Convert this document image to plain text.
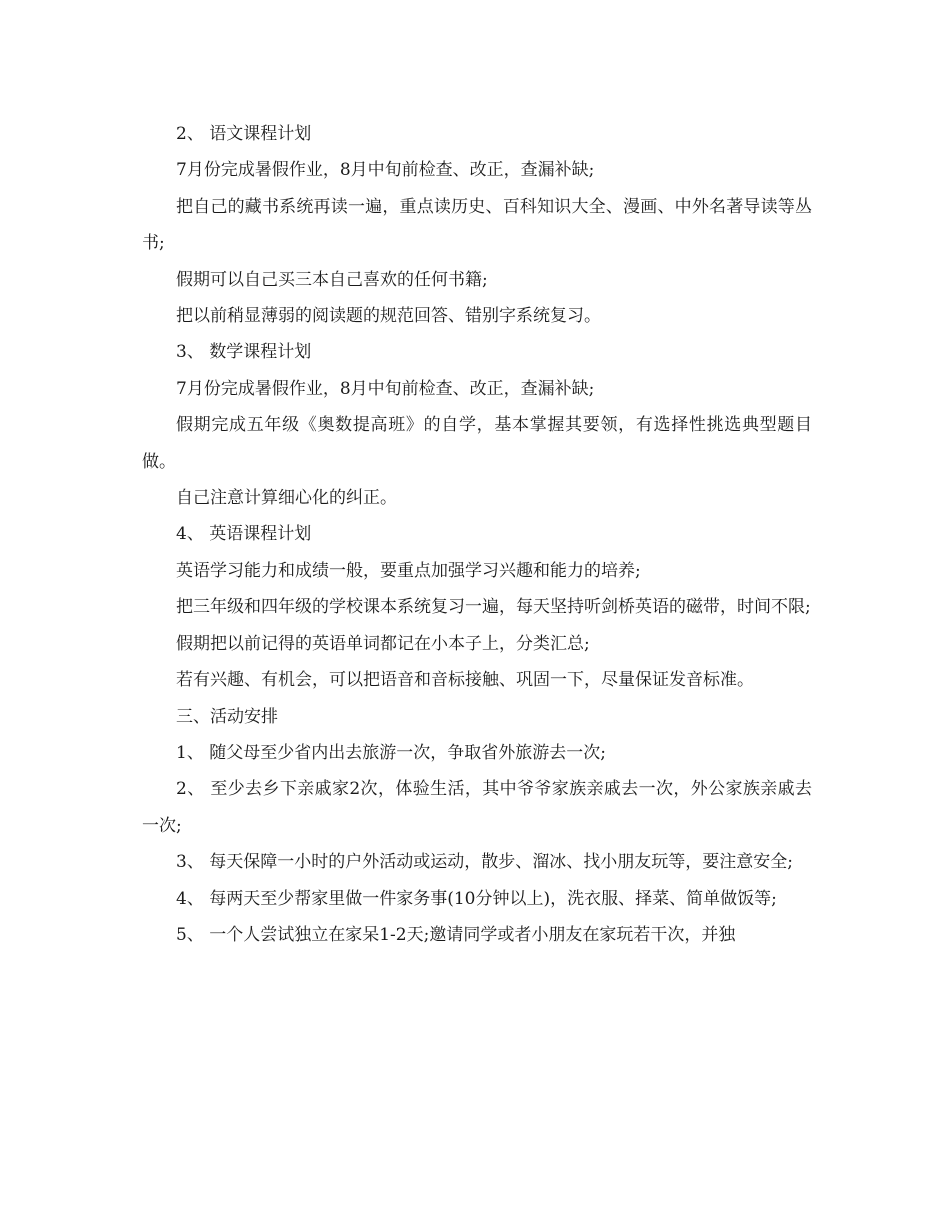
2、 语文课程计划

7月份完成暑假作业，8月中旬前检查、改正，查漏补缺;

把自己的藏书系统再读一遍，重点读历史、百科知识大全、漫画、中外名著导读等丛书;

假期可以自己买三本自己喜欢的任何书籍;

把以前稍显薄弱的阅读题的规范回答、错别字系统复习。

3、 数学课程计划

7月份完成暑假作业，8月中旬前检查、改正，查漏补缺;

假期完成五年级《奥数提高班》的自学，基本掌握其要领，有选择性挑选典型题目做。

自己注意计算细心化的纠正。

4、 英语课程计划

英语学习能力和成绩一般，要重点加强学习兴趣和能力的培养;

把三年级和四年级的学校课本系统复习一遍，每天坚持听剑桥英语的磁带，时间不限;

假期把以前记得的英语单词都记在小本子上，分类汇总;

若有兴趣、有机会，可以把语音和音标接触、巩固一下，尽量保证发音标准。

三、活动安排

1、 随父母至少省内出去旅游一次，争取省外旅游去一次;

2、 至少去乡下亲戚家2次，体验生活，其中爷爷家族亲戚去一次，外公家族亲戚去一次;

3、 每天保障一小时的户外活动或运动，散步、溜冰、找小朋友玩等，要注意安全;

4、 每两天至少帮家里做一件家务事(10分钟以上)，洗衣服、择菜、简单做饭等;

5、 一个人尝试独立在家呆1-2天;邀请同学或者小朋友在家玩若干次，并独
